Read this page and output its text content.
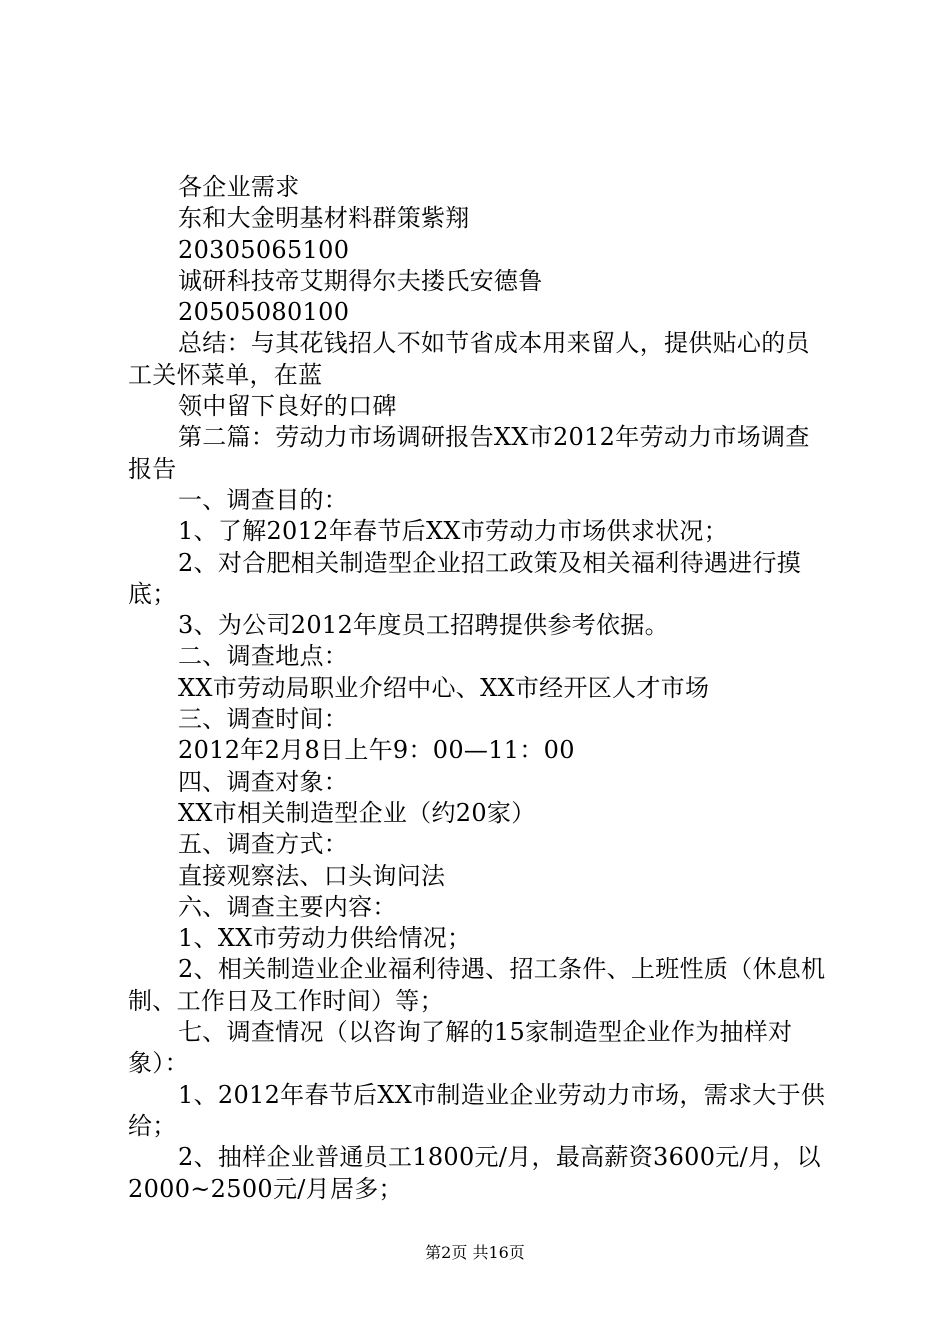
各企业需求

东和大金明基材料群策紫翔

20305065100

诚研科技帝艾期得尔夫搂氏安德鲁

20505080100

总结：与其花钱招人不如节省成本用来留人，提供贴心的员工关怀菜单，在蓝

领中留下良好的口碑

第二篇：劳动力市场调研报告XX市2012年劳动力市场调查报告

一、调查目的：

1、了解2012年春节后XX市劳动力市场供求状况；

2、对合肥相关制造型企业招工政策及相关福利待遇进行摸底；

3、为公司2012年度员工招聘提供参考依据。

二、调查地点：

XX市劳动局职业介绍中心、XX市经开区人才市场

三、调查时间：

2012年2月8日上午9：00—11：00

四、调查对象：

XX市相关制造型企业（约20家）

五、调查方式：

直接观察法、口头询问法

六、调查主要内容：

1、XX市劳动力供给情况；

2、相关制造业企业福利待遇、招工条件、上班性质（休息机制、工作日及工作时间）等；

七、调查情况（以咨询了解的15家制造型企业作为抽样对象）：

1、2012年春节后XX市制造业企业劳动力市场，需求大于供给；

2、抽样企业普通员工1800元/月，最高薪资3600元/月，以2000~2500元/月居多；

第2页 共16页
